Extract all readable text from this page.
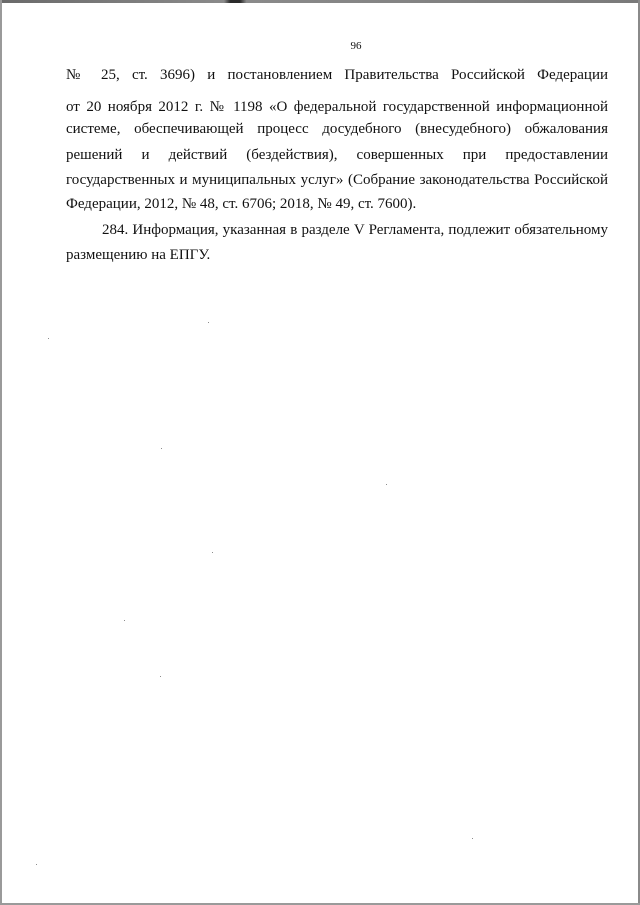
96
№ 25, ст. 3696) и постановлением Правительства Российской Федерации
от 20 ноября 2012 г. № 1198 «О федеральной государственной информационной
системе, обеспечивающей процесс досудебного (внесудебного) обжалования
решений и действий (бездействия), совершенных при предоставлении
государственных и муниципальных услуг» (Собрание законодательства Российской
Федерации, 2012, № 48, ст. 6706; 2018, № 49, ст. 7600).
284. Информация, указанная в разделе V Регламента, подлежит обязательному
размещению на ЕПГУ.
